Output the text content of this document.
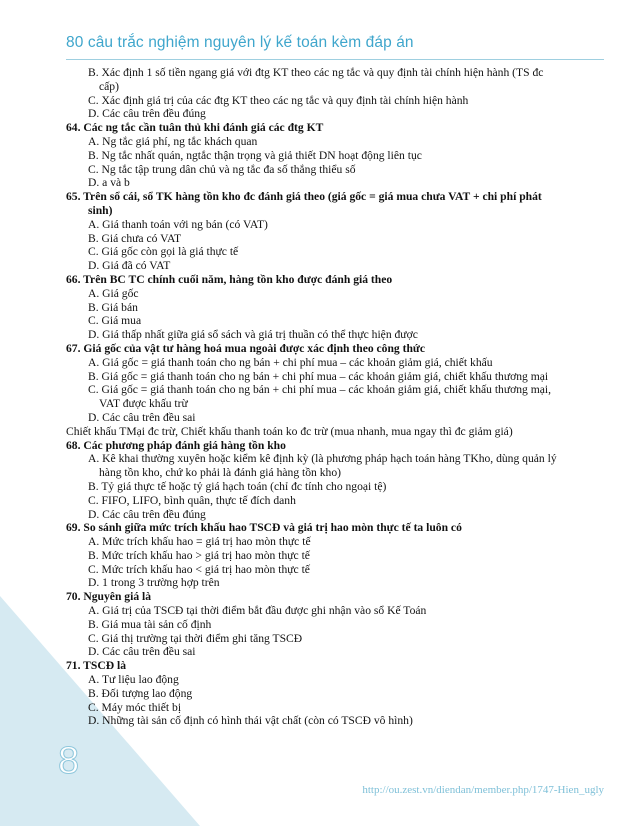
80 câu trắc nghiệm nguyên lý kế toán kèm đáp án
B. Xác định 1 số tiền ngang giá với đtg KT theo các ng tắc và quy định tài chính hiện hành (TS đc cấp)
C. Xác định giá trị của các đtg KT theo các ng tắc và quy định tài chính hiện hành
D. Các câu trên đều đúng
64. Các ng tắc cần tuân thủ khi đánh giá các đtg KT
A. Ng tắc giá phí, ng tắc khách quan
B. Ng tắc nhất quán, ngtắc thận trọng và giả thiết DN hoạt động liên tục
C. Ng tắc tập trung dân chủ và ng tắc đa số thắng thiểu số
D. a và b
65. Trên sổ cái, sổ TK hàng tồn kho đc đánh giá theo (giá gốc = giá mua chưa VAT + chi phí phát sinh)
A. Giá thanh toán với ng bán (có VAT)
B. Giá chưa có VAT
C. Giá gốc còn gọi là giá thực tế
D. Giá đã có VAT
66. Trên BC TC chính cuối năm, hàng tồn kho được đánh giá theo
A. Giá gốc
B. Giá bán
C. Giá mua
D. Giá thấp nhất giữa giá sổ sách và giá trị thuần có thể thực hiện được
67. Giá gốc của vật tư hàng hoá mua ngoài được xác định theo công thức
A. Giá gốc = giá thanh toán cho ng bán + chi phí mua – các khoản giảm giá, chiết khấu
B. Giá gốc = giá thanh toán cho ng bán + chi phí mua – các khoản giảm giá, chiết khấu thương mại
C. Giá gốc = giá thanh toán cho ng bán + chi phí mua – các khoản giảm giá, chiết khấu thương mại, VAT được khấu trừ
D. Các câu trên đều sai
Chiết khấu TMại đc trừ, Chiết khấu thanh toán ko đc trừ (mua nhanh, mua ngay thì đc giảm giá)
68. Các phương pháp đánh giá hàng tồn kho
A. Kê khai thường xuyên hoặc kiểm kê định kỳ (là phương pháp hạch toán hàng TKho, dùng quản lý hàng tồn kho, chứ ko phải là đánh giá hàng tồn kho)
B. Tỷ giá thực tế hoặc tỷ giá hạch toán (chỉ đc tính cho ngoại tệ)
C. FIFO, LIFO, bình quân, thực tế đích danh
D. Các câu trên đều đúng
69. So sánh giữa mức trích khấu hao TSCĐ và giá trị hao mòn thực tế ta luôn có
A. Mức trích khấu hao = giá trị hao mòn thực tế
B. Mức trích khấu hao > giá trị hao mòn thực tế
C. Mức trích khấu hao < giá trị hao mòn thực tế
D. 1 trong 3 trường hợp trên
70. Nguyên giá là
A. Giá trị của TSCĐ tại thời điểm bắt đầu được ghi nhận vào sổ Kế Toán
B. Giá mua tài sản cố định
C. Giá thị trường tại thời điểm ghi tăng TSCĐ
D. Các câu trên đều sai
71. TSCĐ là
A. Tư liệu lao động
B. Đối tượng lao động
C. Máy móc thiết bị
D. Những tài sản cố định có hình thái vật chất (còn có TSCĐ vô hình)
8
http://ou.zest.vn/diendan/member.php/1747-Hien_ugly
